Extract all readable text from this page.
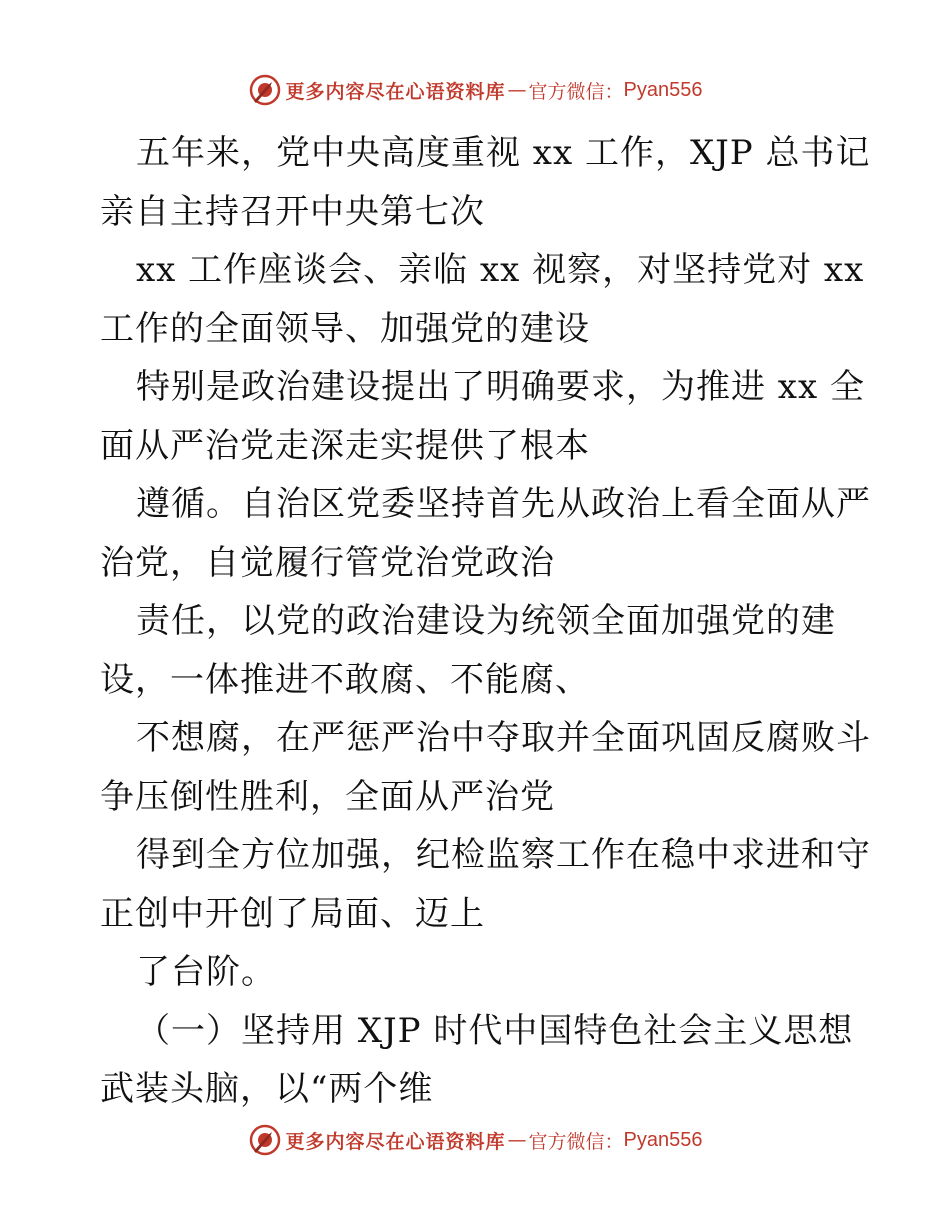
更多内容尽在心语资料库 — 官方微信： Pyan556
五年来，党中央高度重视 xx 工作，XJP 总书记
亲自主持召开中央第七次
xx 工作座谈会、亲临 xx 视察，对坚持党对 xx
工作的全面领导、加强党的建设
特别是政治建设提出了明确要求，为推进 xx 全
面从严治党走深走实提供了根本
遵循。自治区党委坚持首先从政治上看全面从严
治党，自觉履行管党治党政治
责任，以党的政治建设为统领全面加强党的建
设，一体推进不敢腐、不能腐、
不想腐，在严惩严治中夺取并全面巩固反腐败斗
争压倒性胜利，全面从严治党
得到全方位加强，纪检监察工作在稳中求进和守
正创中开创了局面、迈上
了台阶。
（一）坚持用 XJP 时代中国特色社会主义思想
武装头脑，以“两个维
更多内容尽在心语资料库 — 官方微信： Pyan556
